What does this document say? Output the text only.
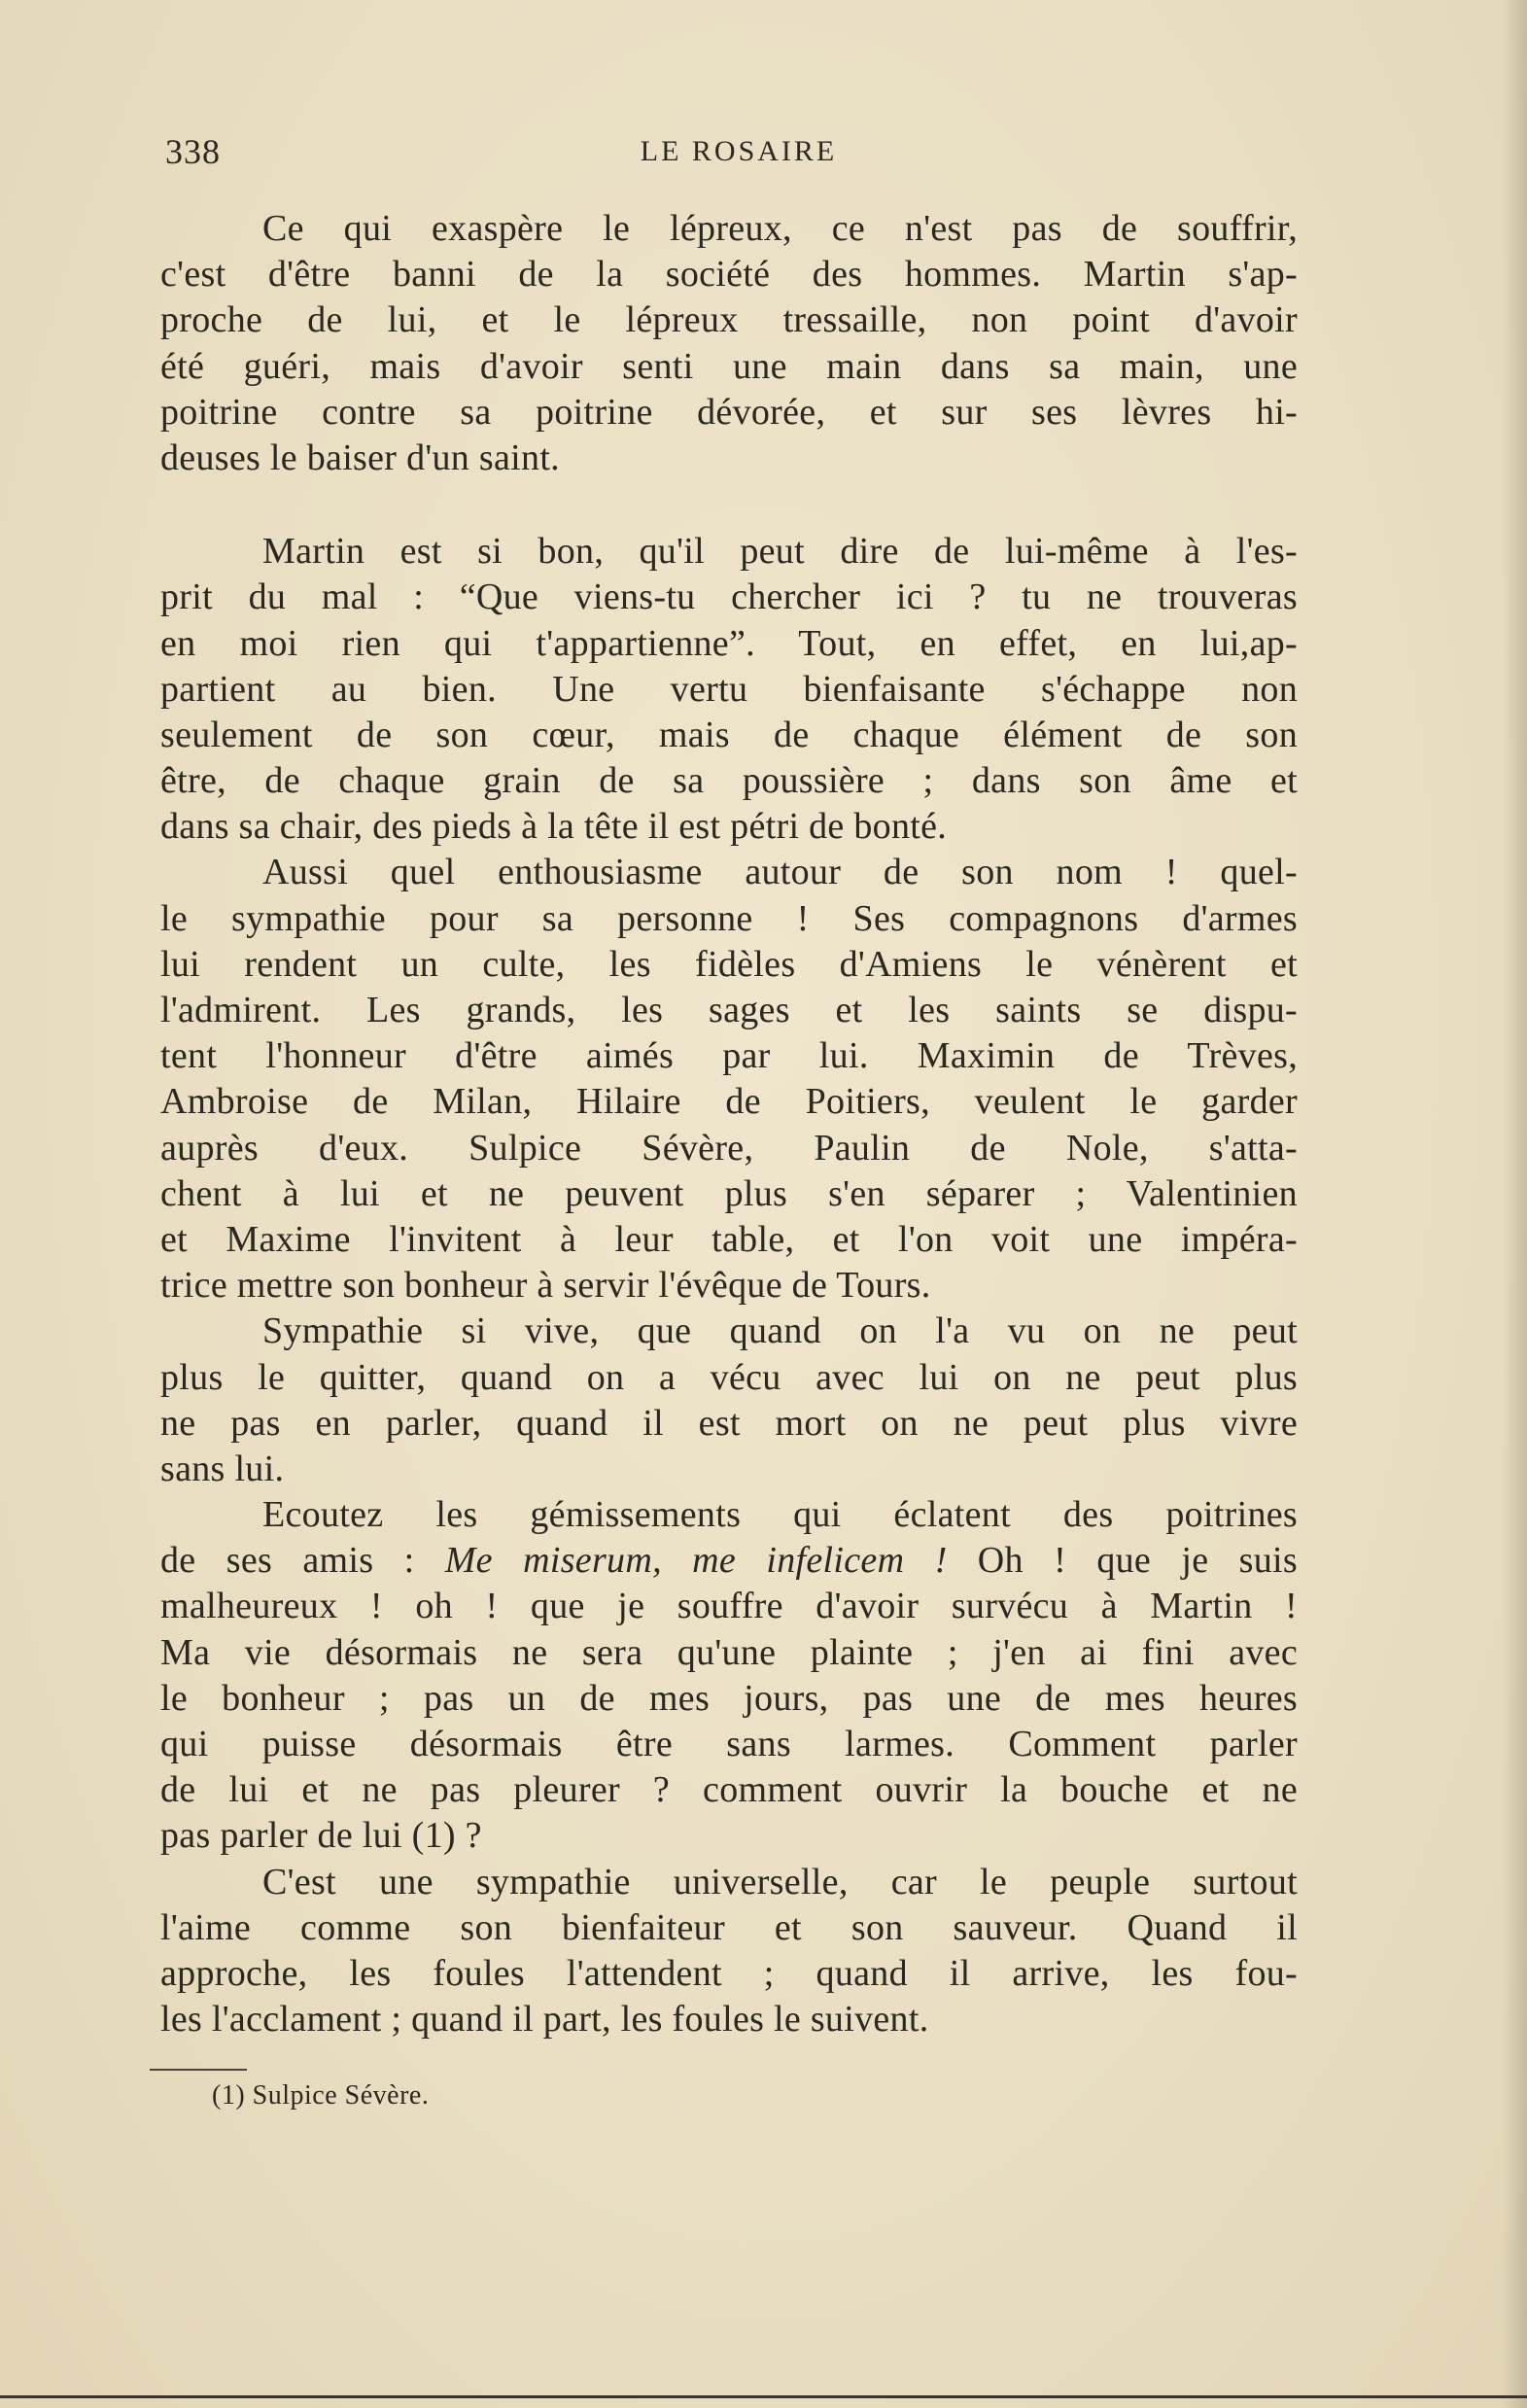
338	LE ROSAIRE
Ce qui exaspère le lépreux, ce n'est pas de souffrir,
c'est d'être banni de la société des hommes. Martin s'ap-
proche de lui, et le lépreux tressaille, non point d'avoir
été guéri, mais d'avoir senti une main dans sa main, une
poitrine contre sa poitrine dévorée, et sur ses lèvres hi-
deuses le baiser d'un saint.
Martin est si bon, qu'il peut dire de lui-même à l'es-
prit du mal : “Que viens-tu chercher ici ? tu ne trouveras
en moi rien qui t'appartienne”. Tout, en effet, en lui,ap-
partient au bien. Une vertu bienfaisante s'échappe non
seulement de son cœur, mais de chaque élément de son
être, de chaque grain de sa poussière ; dans son âme et
dans sa chair, des pieds à la tête il est pétri de bonté.
Aussi quel enthousiasme autour de son nom ! quel-
le sympathie pour sa personne ! Ses compagnons d'armes
lui rendent un culte, les fidèles d'Amiens le vénèrent et
l'admirent. Les grands, les sages et les saints se dispu-
tent l'honneur d'être aimés par lui. Maximin de Trèves,
Ambroise de Milan, Hilaire de Poitiers, veulent le garder
auprès d'eux. Sulpice Sévère, Paulin de Nole, s'atta-
chent à lui et ne peuvent plus s'en séparer ; Valentinien
et Maxime l'invitent à leur table, et l'on voit une impéra-
trice mettre son bonheur à servir l'évêque de Tours.
Sympathie si vive, que quand on l'a vu on ne peut
plus le quitter, quand on a vécu avec lui on ne peut plus
ne pas en parler, quand il est mort on ne peut plus vivre
sans lui.
Ecoutez les gémissements qui éclatent des poitrines
de ses amis : Me miserum, me infelicem ! Oh ! que je suis
malheureux ! oh ! que je souffre d'avoir survécu à Martin !
Ma vie désormais ne sera qu'une plainte ; j'en ai fini avec
le bonheur ; pas un de mes jours, pas une de mes heures
qui puisse désormais être sans larmes. Comment parler
de lui et ne pas pleurer ? comment ouvrir la bouche et ne
pas parler de lui (1) ?
C'est une sympathie universelle, car le peuple surtout
l'aime comme son bienfaiteur et son sauveur. Quand il
approche, les foules l'attendent ; quand il arrive, les fou-
les l'acclament ; quand il part, les foules le suivent.
(1) Sulpice Sévère.
